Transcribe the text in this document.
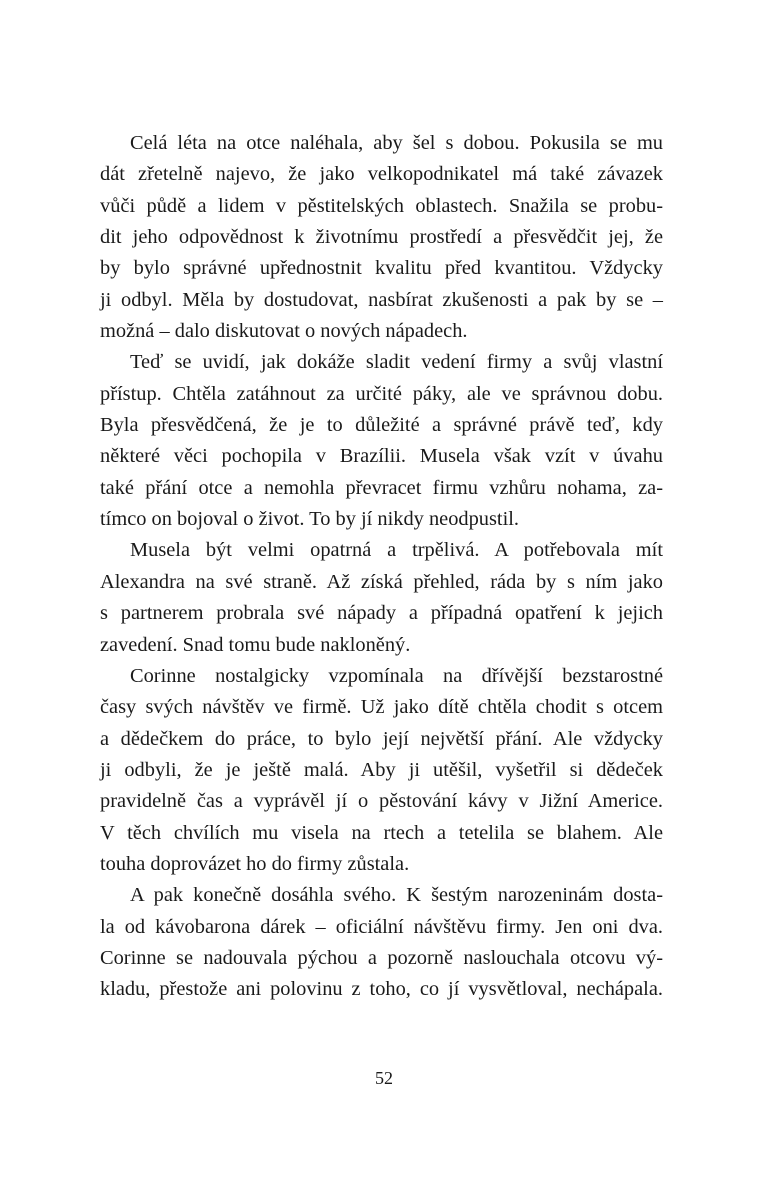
Celá léta na otce naléhala, aby šel s dobou. Pokusila se mu
dát zřetelně najevo, že jako velkopodnikatel má také závazek
vůči půdě a lidem v pěstitelských oblastech. Snažila se probu-
dit jeho odpovědnost k životnímu prostředí a přesvědčit jej, že
by bylo správné upřednostnit kvalitu před kvantitou. Vždycky
ji odbyl. Měla by dostudovat, nasbírat zkušenosti a pak by se –
možná – dalo diskutovat o nových nápadech.
Teď se uvidí, jak dokáže sladit vedení firmy a svůj vlastní
přístup. Chtěla zatáhnout za určité páky, ale ve správnou dobu.
Byla přesvědčená, že je to důležité a správné právě teď, kdy
některé věci pochopila v Brazílii. Musela však vzít v úvahu
také přání otce a nemohla převracet firmu vzhůru nohama, za-
tímco on bojoval o život. To by jí nikdy neodpustil.
Musela být velmi opatrná a trpělivá. A potřebovala mít
Alexandra na své straně. Až získá přehled, ráda by s ním jako
s partnerem probrala své nápady a případná opatření k jejich
zavedení. Snad tomu bude nakloněný.
Corinne nostalgicky vzpomínala na dřívější bezstarostné
časy svých návštěv ve firmě. Už jako dítě chtěla chodit s otcem
a dědečkem do práce, to bylo její největší přání. Ale vždycky
ji odbyli, že je ještě malá. Aby ji utěšil, vyšetřil si dědeček
pravidelně čas a vyprávěl jí o pěstování kávy v Jižní Americe.
V těch chvílích mu visela na rtech a tetelila se blahem. Ale
touha doprovázet ho do firmy zůstala.
A pak konečně dosáhla svého. K šestým narozeninám dosta-
la od kávobarona dárek – oficiální návštěvu firmy. Jen oni dva.
Corinne se nadouvala pýchou a pozorně naslouchala otcovu vý-
kladu, přestože ani polovinu z toho, co jí vysvětloval, nechápala.
52
